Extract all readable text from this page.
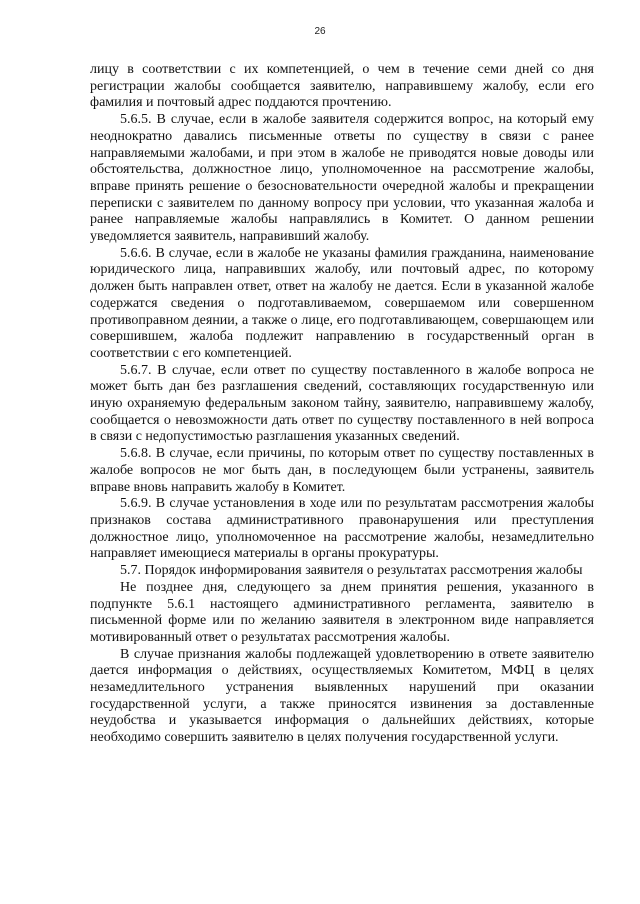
26

лицу в соответствии с их компетенцией, о чем в течение семи дней со дня регистрации жалобы сообщается заявителю, направившему жалобу, если его фамилия и почтовый адрес поддаются прочтению.

5.6.5. В случае, если в жалобе заявителя содержится вопрос, на который ему неоднократно давались письменные ответы по существу в связи с ранее направляемыми жалобами, и при этом в жалобе не приводятся новые доводы или обстоятельства, должностное лицо, уполномоченное на рассмотрение жалобы, вправе принять решение о безосновательности очередной жалобы и прекращении переписки с заявителем по данному вопросу при условии, что указанная жалоба и ранее направляемые жалобы направлялись в Комитет. О данном решении уведомляется заявитель, направивший жалобу.

5.6.6. В случае, если в жалобе не указаны фамилия гражданина, наименование юридического лица, направивших жалобу, или почтовый адрес, по которому должен быть направлен ответ, ответ на жалобу не дается. Если в указанной жалобе содержатся сведения о подготавливаемом, совершаемом или совершенном противоправном деянии, а также о лице, его подготавливающем, совершающем или совершившем, жалоба подлежит направлению в государственный орган в соответствии с его компетенцией.

5.6.7. В случае, если ответ по существу поставленного в жалобе вопроса не может быть дан без разглашения сведений, составляющих государственную или иную охраняемую федеральным законом тайну, заявителю, направившему жалобу, сообщается о невозможности дать ответ по существу поставленного в ней вопроса в связи с недопустимостью разглашения указанных сведений.

5.6.8. В случае, если причины, по которым ответ по существу поставленных в жалобе вопросов не мог быть дан, в последующем были устранены, заявитель вправе вновь направить жалобу в Комитет.

5.6.9. В случае установления в ходе или по результатам рассмотрения жалобы признаков состава административного правонарушения или преступления должностное лицо, уполномоченное на рассмотрение жалобы, незамедлительно направляет имеющиеся материалы в органы прокуратуры.

5.7. Порядок информирования заявителя о результатах рассмотрения жалобы

Не позднее дня, следующего за днем принятия решения, указанного в подпункте 5.6.1 настоящего административного регламента, заявителю в письменной форме или по желанию заявителя в электронном виде направляется мотивированный ответ о результатах рассмотрения жалобы.

В случае признания жалобы подлежащей удовлетворению в ответе заявителю дается информация о действиях, осуществляемых Комитетом, МФЦ в целях незамедлительного устранения выявленных нарушений при оказании государственной услуги, а также приносятся извинения за доставленные неудобства и указывается информация о дальнейших действиях, которые необходимо совершить заявителю в целях получения государственной услуги.
